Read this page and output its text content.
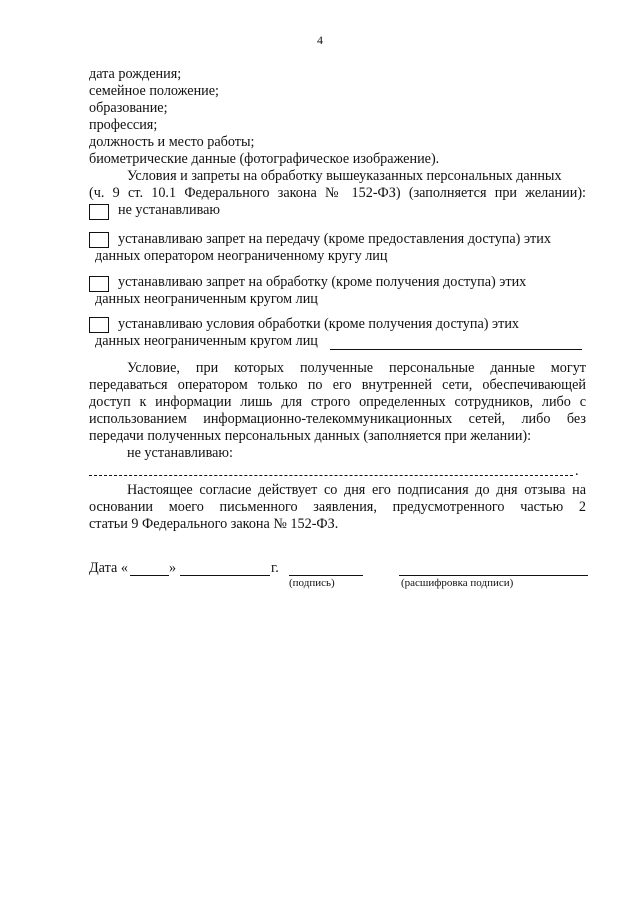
4
дата рождения;
семейное положение;
образование;
профессия;
должность и место работы;
биометрические данные (фотографическое изображение).
Условия и запреты на обработку вышеуказанных персональных данных
(ч. 9 ст. 10.1 Федерального закона № 152-ФЗ) (заполняется при желании):
не устанавливаю
устанавливаю запрет на передачу (кроме предоставления доступа) этих
данных оператором неограниченному кругу лиц
устанавливаю запрет на обработку (кроме получения доступа) этих
данных неограниченным кругом лиц
устанавливаю условия обработки (кроме получения доступа) этих
данных неограниченным кругом лиц
Условие, при которых полученные персональные данные могут
передаваться оператором только по его внутренней сети, обеспечивающей
доступ к информации лишь для строго определенных сотрудников, либо с
использованием информационно-телекоммуникационных сетей, либо без
передачи полученных персональных данных (заполняется при желании):
не устанавливаю:
.
Настоящее согласие действует со дня его подписания до дня отзыва на
основании моего письменного заявления, предусмотренного частью 2
статьи 9 Федерального закона № 152-ФЗ.
Дата «	»	г.
(подпись)	(расшифровка подписи)
